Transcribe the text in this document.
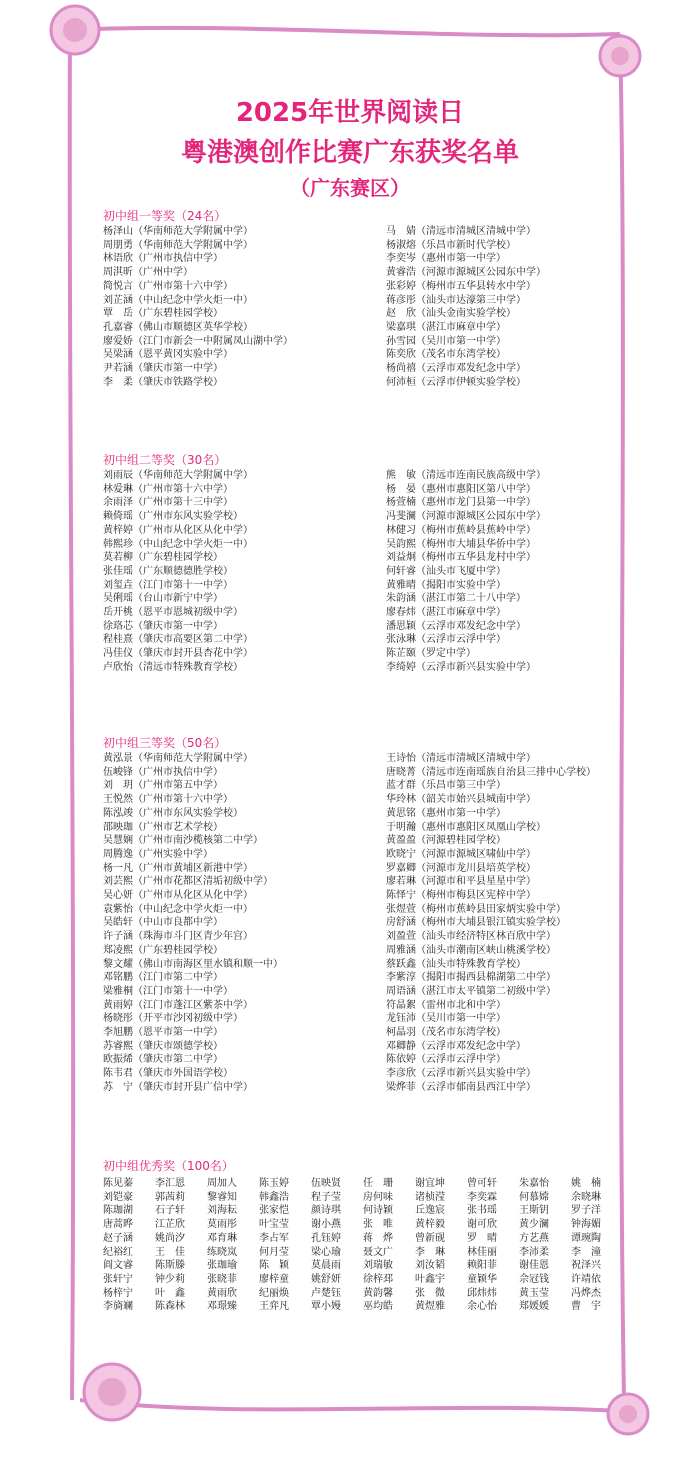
2025年世界阅读日
粤港澳创作比赛广东获奖名单
（广东赛区）
初中组一等奖（24名）
杨泽山（华南师范大学附属中学）
周朋勇（华南师范大学附属中学）
林语欣（广州市执信中学）
周淇昕（广州中学）
简悦言（广州市第十六中学）
刘芷涵（中山纪念中学火炬一中）
覃　岳（广东碧桂园学校）
孔嘉睿（佛山市顺德区英华学校）
廖爱娇（江门市新会一中附属凤山湖中学）
吴梁涵（恩平黄冈实验中学）
尹若涵（肇庆市第一中学）
李　柔（肇庆市铁路学校）
马　婧（清远市清城区清城中学）
杨淑熔（乐昌市新时代学校）
李奕岑（惠州市第一中学）
黄睿浩（河源市源城区公园东中学）
张彩婷（梅州市五华县转水中学）
蒋彦彤（汕头市达濠第三中学）
赵　欣（汕头金南实验学校）
梁嘉琪（湛江市麻章中学）
孙雪园（吴川市第一中学）
陈奕欣（茂名市东湾学校）
杨尚禧（云浮市邓发纪念中学）
何沛桓（云浮市伊顿实验学校）
初中组二等奖（30名）
刘雨辰（华南师范大学附属中学）
林爱琳（广州市第十六中学）
余雨泽（广州市第十三中学）
赖倚瑶（广州市东风实验学校）
黄梓婷（广州市从化区从化中学）
韩熙珍（中山纪念中学火炬一中）
莫若柳（广东碧桂园学校）
张佳瑶（广东顺德德胜学校）
刘玺垚（江门市第十一中学）
吴俐瑶（台山市新宁中学）
岳开桃（恩平市恩城初级中学）
徐珞芯（肇庆市第一中学）
程桂熹（肇庆市高要区第二中学）
冯佳仪（肇庆市封开县杏花中学）
卢欣怡（清远市特殊教育学校）
熊　敏（清远市连南民族高级中学）
杨　晏（惠州市惠阳区第八中学）
杨萱楠（惠州市龙门县第一中学）
冯斐澜（河源市源城区公园东中学）
林健习（梅州市蕉岭县蕉岭中学）
吴韵熙（梅州市大埔县华侨中学）
刘益炯（梅州市五华县龙村中学）
何轩睿（汕头市飞厦中学）
黄雅晴（揭阳市实验中学）
朱韵涵（湛江市第二十八中学）
廖春炜（湛江市麻章中学）
潘思颖（云浮市邓发纪念中学）
张泳琳（云浮市云浮中学）
陈芷颐（罗定中学）
李绮婷（云浮市新兴县实验中学）
初中组三等奖（50名）
黄泓景（华南师范大学附属中学）
伍峻锋（广州市执信中学）
刘　玥（广州市第五中学）
王悦然（广州市第十六中学）
陈泓竣（广州市东风实验学校）
邵映珈（广州市艺术学校）
吴慧娴（广州市南沙榄核第二中学）
周腾逸（广州实验中学）
杨一凡（广州市黄埔区新港中学）
刘芸熙（广州市花都区清垢初级中学）
吴心妍（广州市从化区从化中学）
袁紫怡（中山纪念中学火炬一中）
吴皓轩（中山市良都中学）
许子涵（珠海市斗门区青少年宫）
郑凌熙（广东碧桂园学校）
黎文耀（佛山市南海区里水镇和顺一中）
邓铭鹏（江门市第二中学）
梁雅桐（江门市第十一中学）
黄雨婷（江门市蓬江区紫茶中学）
杨晓彤（开平市沙冈初级中学）
李旭鹏（恩平市第一中学）
苏睿熙（肇庆市颂德学校）
欧振烯（肇庆市第二中学）
陈韦君（肇庆市外国语学校）
苏　宁（肇庆市封开县广信中学）
王诗怡（清远市清城区清城中学）
唐晓菁（清远市连南瑶族自治县三排中心学校）
蓝才群（乐昌市第三中学）
华玲林（韶关市始兴县城南中学）
黄思铭（惠州市第一中学）
于明瀚（惠州市惠阳区凤凰山学校）
黄盈盈（河源碧桂园学校）
欧晓宁（河源市源城区啸仙中学）
罗嘉卿（河源市龙川县培英学校）
廖若琳（河源市和平县星星中学）
陈怿宁（梅州市梅县区宪梓中学）
张煜萱（梅州市蕉岭县田家炳实验中学）
房舒涵（梅州市大埔县银江镇实验学校）
刘盈萱（汕头市经济特区林百欣中学）
周雅涵（汕头市潮南区峡山桃溪学校）
蔡跃鑫（汕头市特殊教育学校）
李紫淳（揭阳市揭西县棉湖第二中学）
周语涵（湛江市太平镇第二初级中学）
符晶絮（雷州市北和中学）
龙钰沛（吴川市第一中学）
柯晶羽（茂名市东湾学校）
邓卿静（云浮市邓发纪念中学）
陈依婷（云浮市云浮中学）
李彦欣（云浮市新兴县实验中学）
梁烨菲（云浮市郁南县西江中学）
初中组优秀奖（100名）
陈见蓁	李汇恩	周加人	陈玉婷	伍映贤	任　珊	谢宜坤	曾可轩	朱嘉怡	姚　楠
刘铠豪	郭茜莉	黎睿知	韩鑫浩	程子莹	房何味	诸桢滢	李奕霖	何慕嫦	余晓琳
陈珈湖	石子轩	刘海耘	张家恺	颜诗琪	何诗颖	丘逸宸	张书瑶	王斯钥	罗子洋
唐蒿晔	江芷欣	莫雨彤	叶宝莹	谢小燕	张　唯	黄梓毅	谢可欣	黄少澜	钟海媚
赵子涵	姚尚汐	邓育琳	李占军	孔钰婷	蒋　烨	曾新砚	罗　晴	方艺燕	谭琬陶
纪裕红	王　佳	练晓岚	何月莹	梁心瑜	聂文广	李　琳	林佳丽	李沛柔	李　潼
阎文睿	陈斯滕	张珈瑜	陈　颖	莫晨雨	刘瑞敏	刘汝韬	赖阳菲	谢佳恩	祝泽兴
张轩宁	钟少莉	张晓菲	廖梓童	姚舒妍	徐梓邳	叶鑫宇	童颖华	佘冠钱	许靖依
杨梓宁	叶　鑫	黄雨欣	纪丽焕	卢楚钰	黄韵馨	张　微	邱炜炜	黄玉莹	冯烨杰
李旖斓	陈森林	邓璟臻	王弈凡	覃小嫚	巫均皓	黄煜雅	余心怡	郑媛媛	曹　宇
